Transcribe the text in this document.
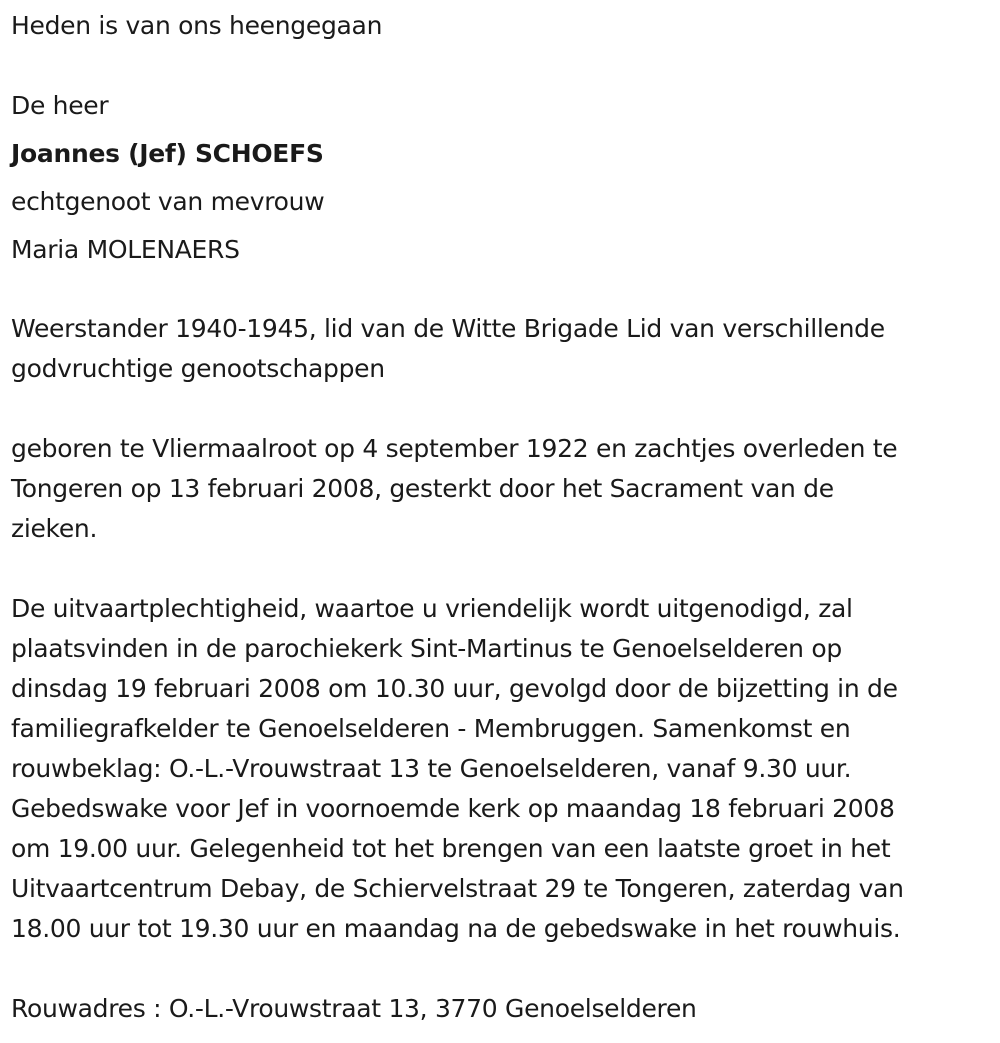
Heden is van ons heengegaan
De heer
Joannes (Jef) SCHOEFS
echtgenoot van mevrouw
Maria MOLENAERS
Weerstander 1940-1945, lid van de Witte Brigade Lid van verschillende
godvruchtige genootschappen
geboren te Vliermaalroot op 4 september 1922 en zachtjes overleden te
Tongeren op 13 februari 2008, gesterkt door het Sacrament van de
zieken.
De uitvaartplechtigheid, waartoe u vriendelijk wordt uitgenodigd, zal
plaatsvinden in de parochiekerk Sint-Martinus te Genoelselderen op
dinsdag 19 februari 2008 om 10.30 uur, gevolgd door de bijzetting in de
familiegrafkelder te Genoelselderen - Membruggen. Samenkomst en
rouwbeklag: O.-L.-Vrouwstraat 13 te Genoelselderen, vanaf 9.30 uur.
Gebedswake voor Jef in voornoemde kerk op maandag 18 februari 2008
om 19.00 uur. Gelegenheid tot het brengen van een laatste groet in het
Uitvaartcentrum Debay, de Schiervelstraat 29 te Tongeren, zaterdag van
18.00 uur tot 19.30 uur en maandag na de gebedswake in het rouwhuis.
Rouwadres : O.-L.-Vrouwstraat 13, 3770 Genoelselderen
